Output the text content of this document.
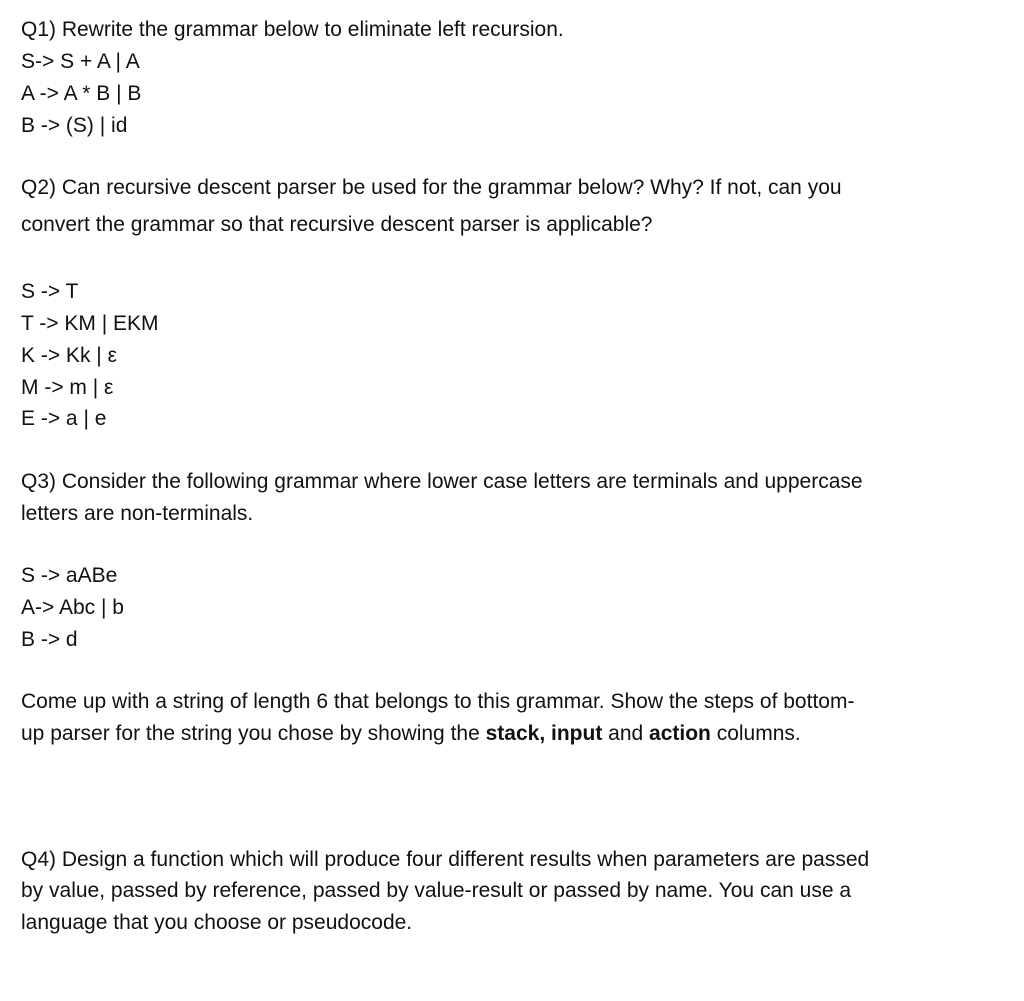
Q1) Rewrite the grammar below to eliminate left recursion.
S-> S + A | A
A -> A * B | B
B -> (S) | id
Q2) Can recursive descent parser be used for the grammar below? Why? If not, can you
convert the grammar so that recursive descent parser is applicable?
S -> T
T -> KM | EKM
K -> Kk | ε
M -> m | ε
E -> a | e
Q3) Consider the following grammar where lower case letters are terminals and uppercase
letters are non-terminals.
S -> aABe
A-> Abc | b
B -> d
Come up with a string of length 6 that belongs to this grammar. Show the steps of bottom-
up parser for the string you chose by showing the stack, input and action columns.
Q4) Design a function which will produce four different results when parameters are passed
by value, passed by reference, passed by value-result or passed by name. You can use a
language that you choose or pseudocode.
